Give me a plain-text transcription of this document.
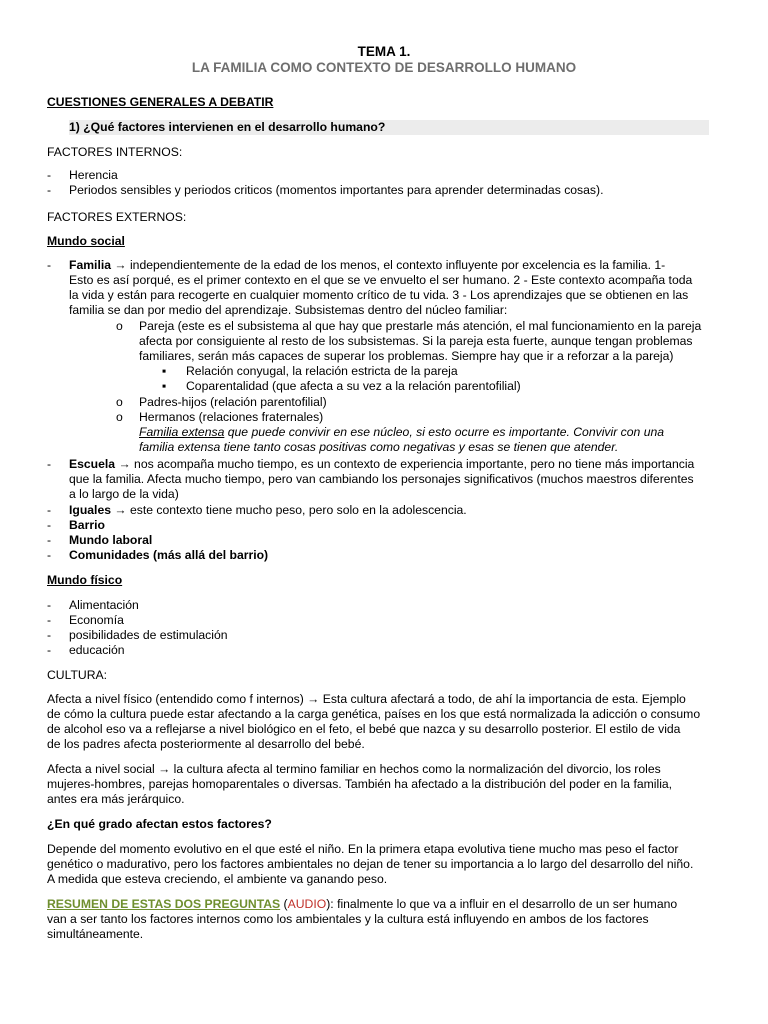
TEMA 1.
LA FAMILIA COMO CONTEXTO DE DESARROLLO HUMANO
CUESTIONES GENERALES A DEBATIR
1) ¿Qué factores intervienen en el desarrollo humano?
FACTORES INTERNOS:
- Herencia
- Periodos sensibles y periodos criticos (momentos importantes para aprender determinadas cosas).
FACTORES EXTERNOS:
Mundo social
- Familia → independientemente de la edad de los menos, el contexto influyente por excelencia es la familia. 1-
Esto es así porqué, es el primer contexto en el que se ve envuelto el ser humano. 2 - Este contexto acompaña toda
la vida y están para recogerte en cualquier momento crítico de tu vida. 3 - Los aprendizajes que se obtienen en las
familia se dan por medio del aprendizaje. Subsistemas dentro del núcleo familiar:
o	Pareja (este es el subsistema al que hay que prestarle más atención, el mal funcionamiento en la pareja
afecta por consiguiente al resto de los subsistemas. Si la pareja esta fuerte, aunque tengan problemas
familiares, serán más capaces de superar los problemas. Siempre hay que ir a reforzar a la pareja)
▪	Relación conyugal, la relación estricta de la pareja
▪	Coparentalidad (que afecta a su vez a la relación parentofilial)
o	Padres-hijos (relación parentofilial)
o	Hermanos (relaciones fraternales)
Familia extensa que puede convivir en ese núcleo, si esto ocurre es importante. Convivir con una
familia extensa tiene tanto cosas positivas como negativas y esas se tienen que atender.
- Escuela → nos acompaña mucho tiempo, es un contexto de experiencia importante, pero no tiene más importancia
que la familia. Afecta mucho tiempo, pero van cambiando los personajes significativos (muchos maestros diferentes
a lo largo de la vida)
- Iguales → este contexto tiene mucho peso, pero solo en la adolescencia.
- Barrio
- Mundo laboral
- Comunidades (más allá del barrio)
Mundo físico
- Alimentación
- Economía
- posibilidades de estimulación
- educación
CULTURA:
Afecta a nivel físico (entendido como f internos) → Esta cultura afectará a todo, de ahí la importancia de esta. Ejemplo
de cómo la cultura puede estar afectando a la carga genética, países en los que está normalizada la adicción o consumo
de alcohol eso va a reflejarse a nivel biológico en el feto, el bebé que nazca y su desarrollo posterior. El estilo de vida
de los padres afecta posteriormente al desarrollo del bebé.
Afecta a nivel social → la cultura afecta al termino familiar en hechos como la normalización del divorcio, los roles
mujeres-hombres, parejas homoparentales o diversas. También ha afectado a la distribución del poder en la familia,
antes era más jerárquico.
¿En qué grado afectan estos factores?
Depende del momento evolutivo en el que esté el niño. En la primera etapa evolutiva tiene mucho mas peso el factor
genético o madurativo, pero los factores ambientales no dejan de tener su importancia a lo largo del desarrollo del niño.
A medida que esteva creciendo, el ambiente va ganando peso.
RESUMEN DE ESTAS DOS PREGUNTAS (AUDIO): finalmente lo que va a influir en el desarrollo de un ser humano
van a ser tanto los factores internos como los ambientales y la cultura está influyendo en ambos de los factores
simultáneamente.
